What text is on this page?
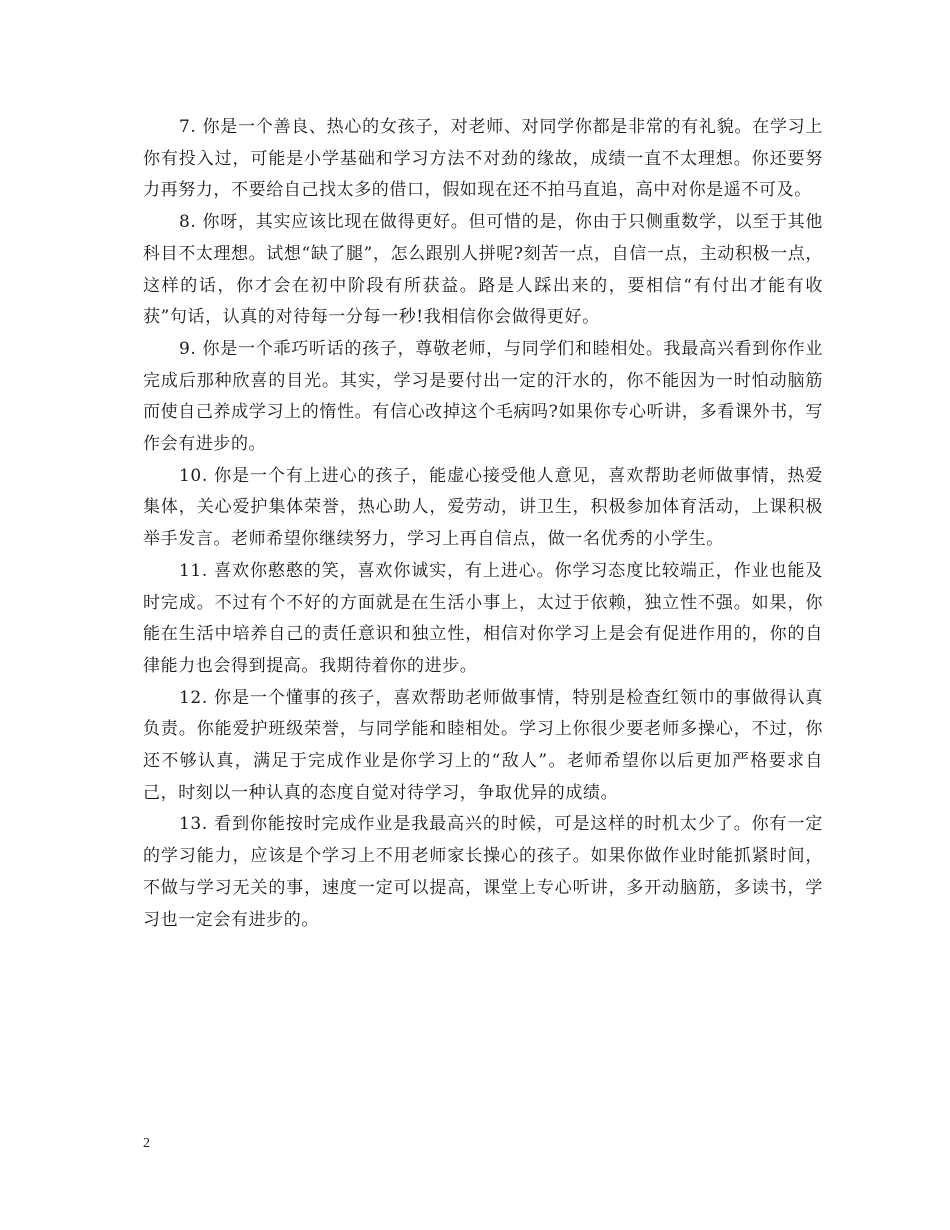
7. 你是一个善良、热心的女孩子，对老师、对同学你都是非常的有礼貌。在学习上你有投入过，可能是小学基础和学习方法不对劲的缘故，成绩一直不太理想。你还要努力再努力，不要给自己找太多的借口，假如现在还不拍马直追，高中对你是遥不可及。

8. 你呀，其实应该比现在做得更好。但可惜的是，你由于只侧重数学，以至于其他科目不太理想。试想“缺了腿”，怎么跟别人拼呢?刻苦一点，自信一点，主动积极一点，这样的话，你才会在初中阶段有所获益。路是人踩出来的，要相信“有付出才能有收获”句话，认真的对待每一分每一秒!我相信你会做得更好。

9. 你是一个乖巧听话的孩子，尊敬老师，与同学们和睦相处。我最高兴看到你作业完成后那种欣喜的目光。其实，学习是要付出一定的汗水的，你不能因为一时怕动脑筋而使自己养成学习上的惰性。有信心改掉这个毛病吗?如果你专心听讲，多看课外书，写作会有进步的。

10. 你是一个有上进心的孩子，能虚心接受他人意见，喜欢帮助老师做事情，热爱集体，关心爱护集体荣誉，热心助人，爱劳动，讲卫生，积极参加体育活动，上课积极举手发言。老师希望你继续努力，学习上再自信点，做一名优秀的小学生。

11. 喜欢你憨憨的笑，喜欢你诚实，有上进心。你学习态度比较端正，作业也能及时完成。不过有个不好的方面就是在生活小事上，太过于依赖，独立性不强。如果，你能在生活中培养自己的责任意识和独立性，相信对你学习上是会有促进作用的，你的自律能力也会得到提高。我期待着你的进步。

12. 你是一个懂事的孩子，喜欢帮助老师做事情，特别是检查红领巾的事做得认真负责。你能爱护班级荣誉，与同学能和睦相处。学习上你很少要老师多操心，不过，你还不够认真，满足于完成作业是你学习上的“敌人”。老师希望你以后更加严格要求自己，时刻以一种认真的态度自觉对待学习，争取优异的成绩。

13. 看到你能按时完成作业是我最高兴的时候，可是这样的时机太少了。你有一定的学习能力，应该是个学习上不用老师家长操心的孩子。如果你做作业时能抓紧时间，不做与学习无关的事，速度一定可以提高，课堂上专心听讲，多开动脑筋，多读书，学习也一定会有进步的。

2
